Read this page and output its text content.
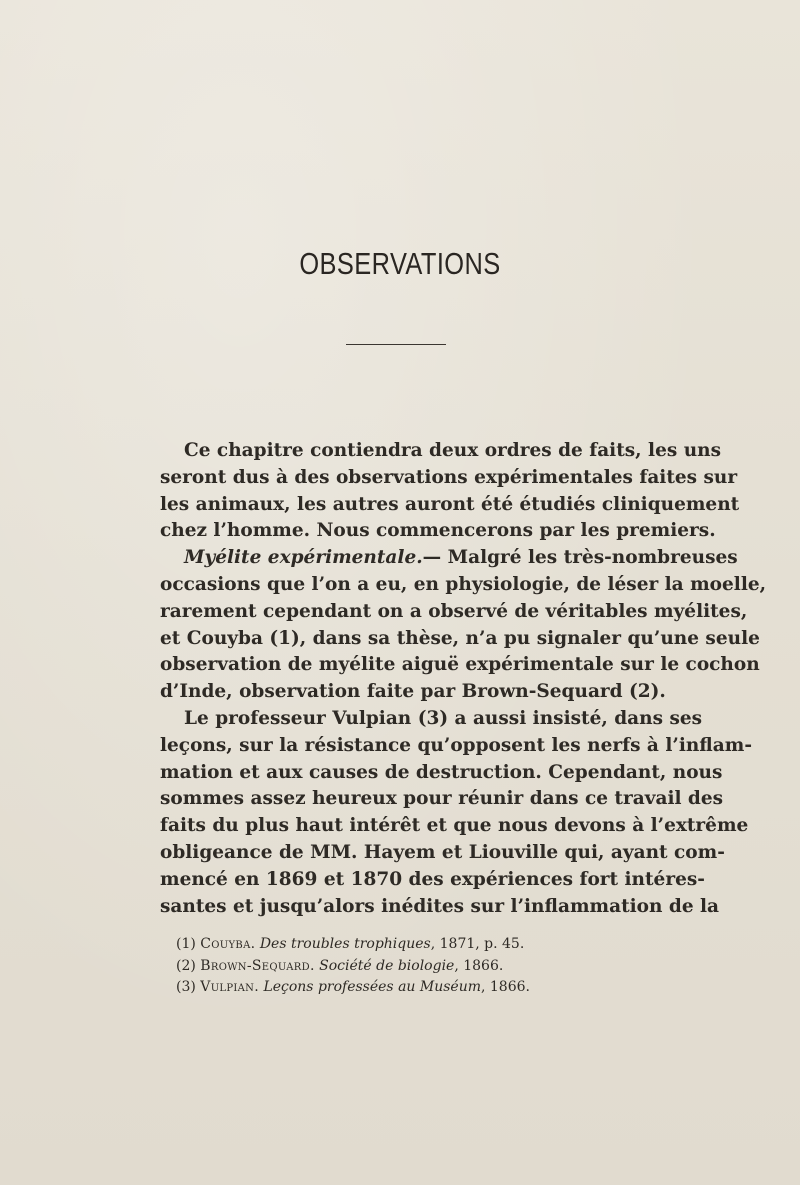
OBSERVATIONS
Ce chapitre contiendra deux ordres de faits, les uns
seront dus à des observations expérimentales faites sur
les animaux, les autres auront été étudiés cliniquement
chez l’homme. Nous commencerons par les premiers.
Myélite expérimentale.— Malgré les très-nombreuses
occasions que l’on a eu, en physiologie, de léser la moelle,
rarement cependant on a observé de véritables myélites,
et Couyba (1), dans sa thèse, n’a pu signaler qu’une seule
observation de myélite aiguë expérimentale sur le cochon
d’Inde, observation faite par Brown-Sequard (2).
Le professeur Vulpian (3) a aussi insisté, dans ses
leçons, sur la résistance qu’opposent les nerfs à l’inflam-
mation et aux causes de destruction. Cependant, nous
sommes assez heureux pour réunir dans ce travail des
faits du plus haut intérêt et que nous devons à l’extrême
obligeance de MM. Hayem et Liouville qui, ayant com-
mencé en 1869 et 1870 des expériences fort intéres-
santes et jusqu’alors inédites sur l’inflammation de la
(1) Couyba. Des troubles trophiques, 1871, p. 45.
(2) Brown-Sequard. Société de biologie, 1866.
(3) Vulpian. Leçons professées au Muséum, 1866.
